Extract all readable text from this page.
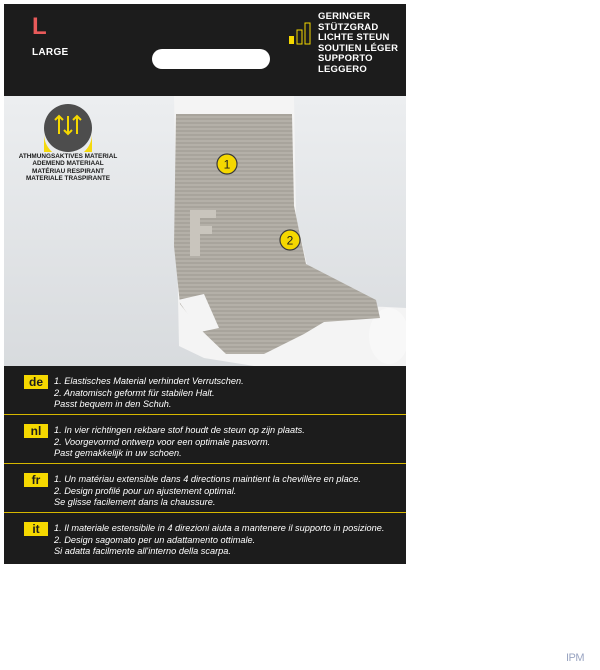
L
LARGE
GERINGER
STÜTZGRAD
LICHTE STEUN
SOUTIEN LÉGER
SUPPORTO
LEGGERO
1
2
ATHMUNGSAKTIVES MATERIAL
ADEMEND MATERIAAL
MATÉRIAU RESPIRANT
MATERIALE TRASPIRANTE
de	1. Elastisches Material verhindert Verrutschen.
2. Anatomisch geformt für stabilen Halt.
Passt bequem in den Schuh.
nl	1. In vier richtingen rekbare stof houdt de steun op zijn plaats.
2. Voorgevormd ontwerp voor een optimale pasvorm.
Past gemakkelijk in uw schoen.
fr	1. Un matériau extensible dans 4 directions maintient la chevillère en place.
2. Design profilé pour un ajustement optimal.
Se glisse facilement dans la chaussure.
it	1. Il materiale estensibile in 4 direzioni aiuta a mantenere il supporto in posizione.
2. Design sagomato per un adattamento ottimale.
Si adatta facilmente all'interno della scarpa.
IPM
